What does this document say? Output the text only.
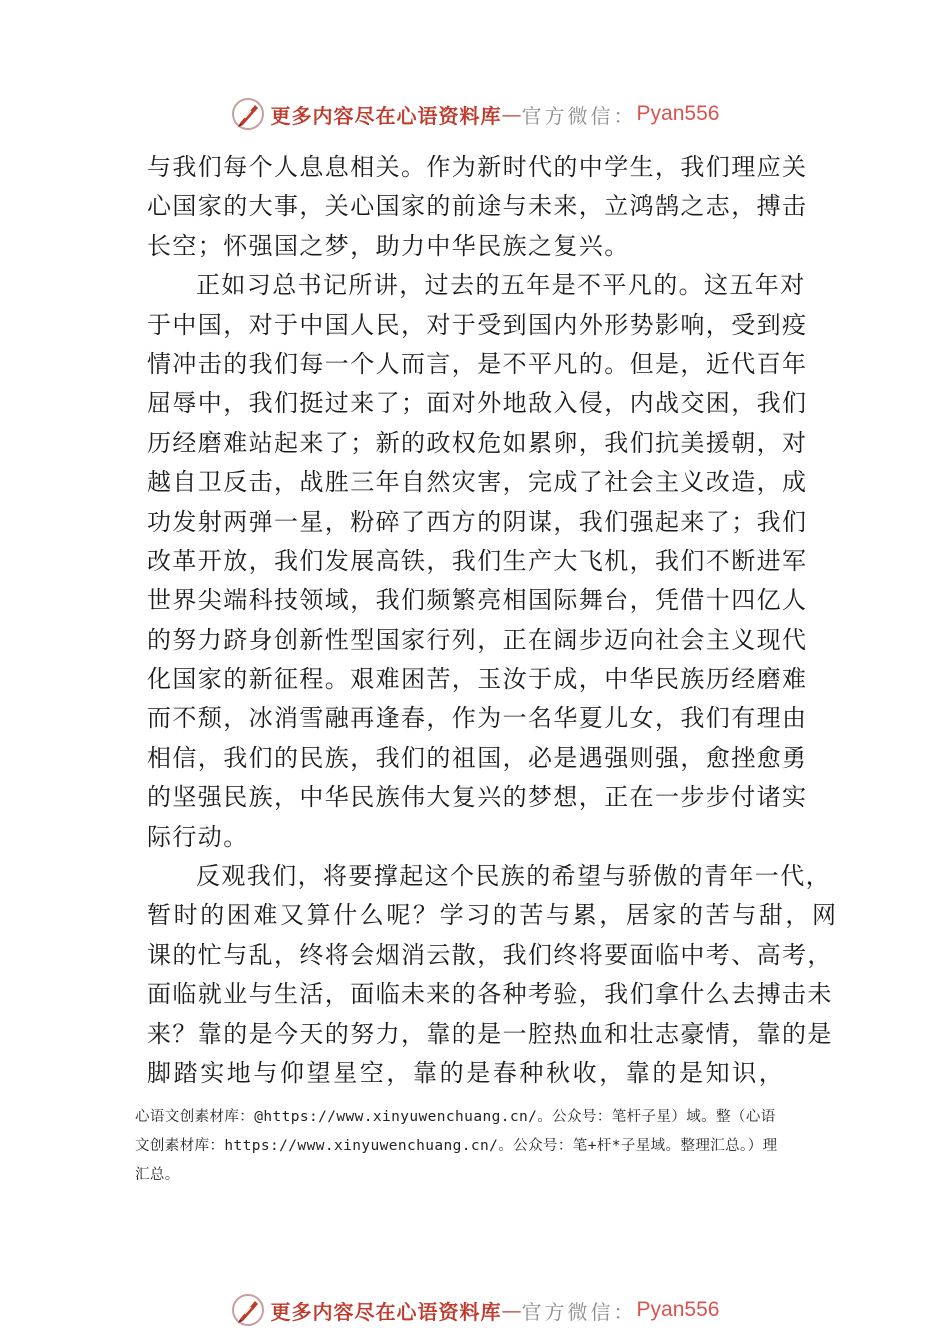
更多内容尽在心语资料库 — 官方微信： Pyan556
与我们每个人息息相关。作为新时代的中学生，我们理应关
心国家的大事，关心国家的前途与未来，立鸿鹄之志，搏击
长空；怀强国之梦，助力中华民族之复兴。
正如习总书记所讲，过去的五年是不平凡的。这五年对
于中国，对于中国人民，对于受到国内外形势影响，受到疫
情冲击的我们每一个人而言，是不平凡的。但是，近代百年
屈辱中，我们挺过来了；面对外地敌入侵，内战交困，我们
历经磨难站起来了；新的政权危如累卵，我们抗美援朝，对
越自卫反击，战胜三年自然灾害，完成了社会主义改造，成
功发射两弹一星，粉碎了西方的阴谋，我们强起来了；我们
改革开放，我们发展高铁，我们生产大飞机，我们不断进军
世界尖端科技领域，我们频繁亮相国际舞台，凭借十四亿人
的努力跻身创新性型国家行列，正在阔步迈向社会主义现代
化国家的新征程。艰难困苦，玉汝于成，中华民族历经磨难
而不颓，冰消雪融再逢春，作为一名华夏儿女，我们有理由
相信，我们的民族，我们的祖国，必是遇强则强，愈挫愈勇
的坚强民族，中华民族伟大复兴的梦想，正在一步步付诸实
际行动。
反观我们，将要撑起这个民族的希望与骄傲的青年一代，
暂时的困难又算什么呢？学习的苦与累，居家的苦与甜，网
课的忙与乱，终将会烟消云散，我们终将要面临中考、高考，
面临就业与生活，面临未来的各种考验，我们拿什么去搏击未
来？靠的是今天的努力，靠的是一腔热血和壮志豪情，靠的是
脚踏实地与仰望星空，靠的是春种秋收，靠的是知识，
心语文创素材库：@https://www.xinyuwenchuang.cn/。公众号：笔杆子星）域。整（心语
文创素材库：https://www.xinyuwenchuang.cn/。公众号：笔+杆*子星域。整理汇总。）理
汇总。
更多内容尽在心语资料库 — 官方微信： Pyan556
